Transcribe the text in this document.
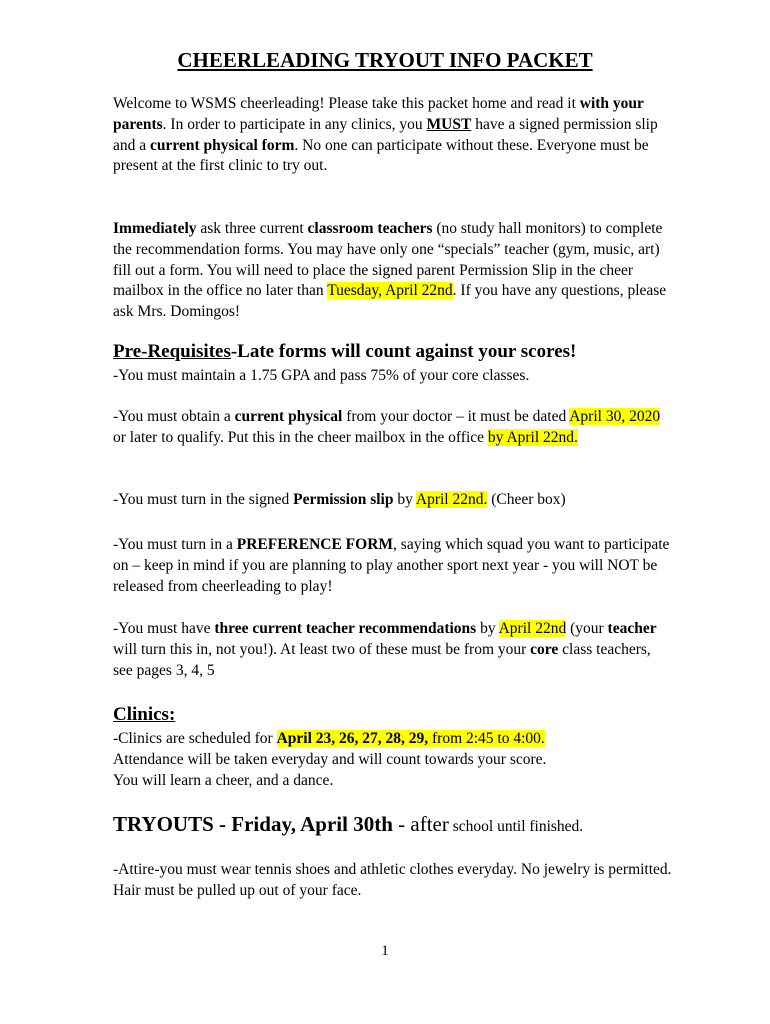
CHEERLEADING TRYOUT INFO PACKET

Welcome to WSMS cheerleading! Please take this packet home and read it with your parents. In order to participate in any clinics, you MUST have a signed permission slip and a current physical form. No one can participate without these. Everyone must be present at the first clinic to try out.

Immediately ask three current classroom teachers (no study hall monitors) to complete the recommendation forms. You may have only one “specials” teacher (gym, music, art) fill out a form. You will need to place the signed parent Permission Slip in the cheer mailbox in the office no later than Tuesday, April 22nd. If you have any questions, please ask Mrs. Domingos!

Pre-Requisites-Late forms will count against your scores!

-You must maintain a 1.75 GPA and pass 75% of your core classes.

-You must obtain a current physical from your doctor – it must be dated April 30, 2020 or later to qualify. Put this in the cheer mailbox in the office by April 22nd.

-You must turn in the signed Permission slip by April 22nd. (Cheer box)

-You must turn in a PREFERENCE FORM, saying which squad you want to participate on – keep in mind if you are planning to play another sport next year - you will NOT be released from cheerleading to play!

-You must have three current teacher recommendations by April 22nd (your teacher will turn this in, not you!). At least two of these must be from your core class teachers, see pages 3, 4, 5

Clinics:

-Clinics are scheduled for April 23, 26, 27, 28, 29, from 2:45 to 4:00.
Attendance will be taken everyday and will count towards your score.
You will learn a cheer, and a dance.

TRYOUTS - Friday, April 30th - after school until finished.

-Attire-you must wear tennis shoes and athletic clothes everyday. No jewelry is permitted. Hair must be pulled up out of your face.

1
